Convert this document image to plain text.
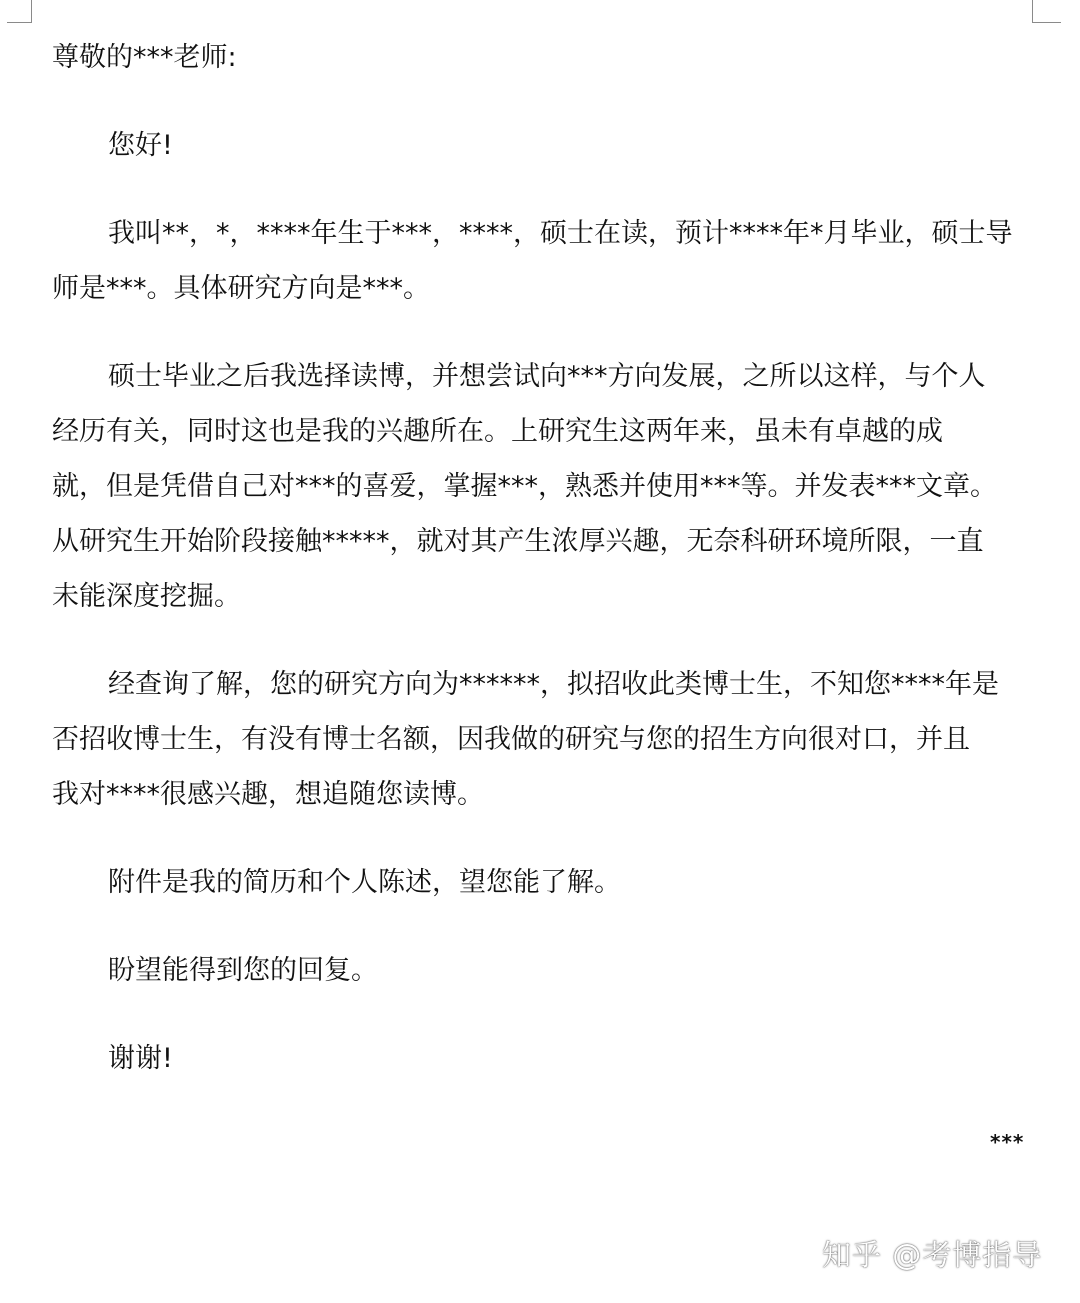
尊敬的***老师:

您好!

我叫**，*，****年生于***，****，硕士在读，预计****年*月毕业，硕士导

师是***。具体研究方向是***。

硕士毕业之后我选择读博，并想尝试向***方向发展，之所以这样，与个人

经历有关，同时这也是我的兴趣所在。上研究生这两年来，虽未有卓越的成

就，但是凭借自己对***的喜爱，掌握***，熟悉并使用***等。并发表***文章。

从研究生开始阶段接触*****，就对其产生浓厚兴趣，无奈科研环境所限，一直

未能深度挖掘。

经查询了解，您的研究方向为******，拟招收此类博士生，不知您****年是

否招收博士生，有没有博士名额，因我做的研究与您的招生方向很对口，并且

我对****很感兴趣，想追随您读博。

附件是我的简历和个人陈述，望您能了解。

盼望能得到您的回复。

谢谢!

***
知乎 @考博指导
